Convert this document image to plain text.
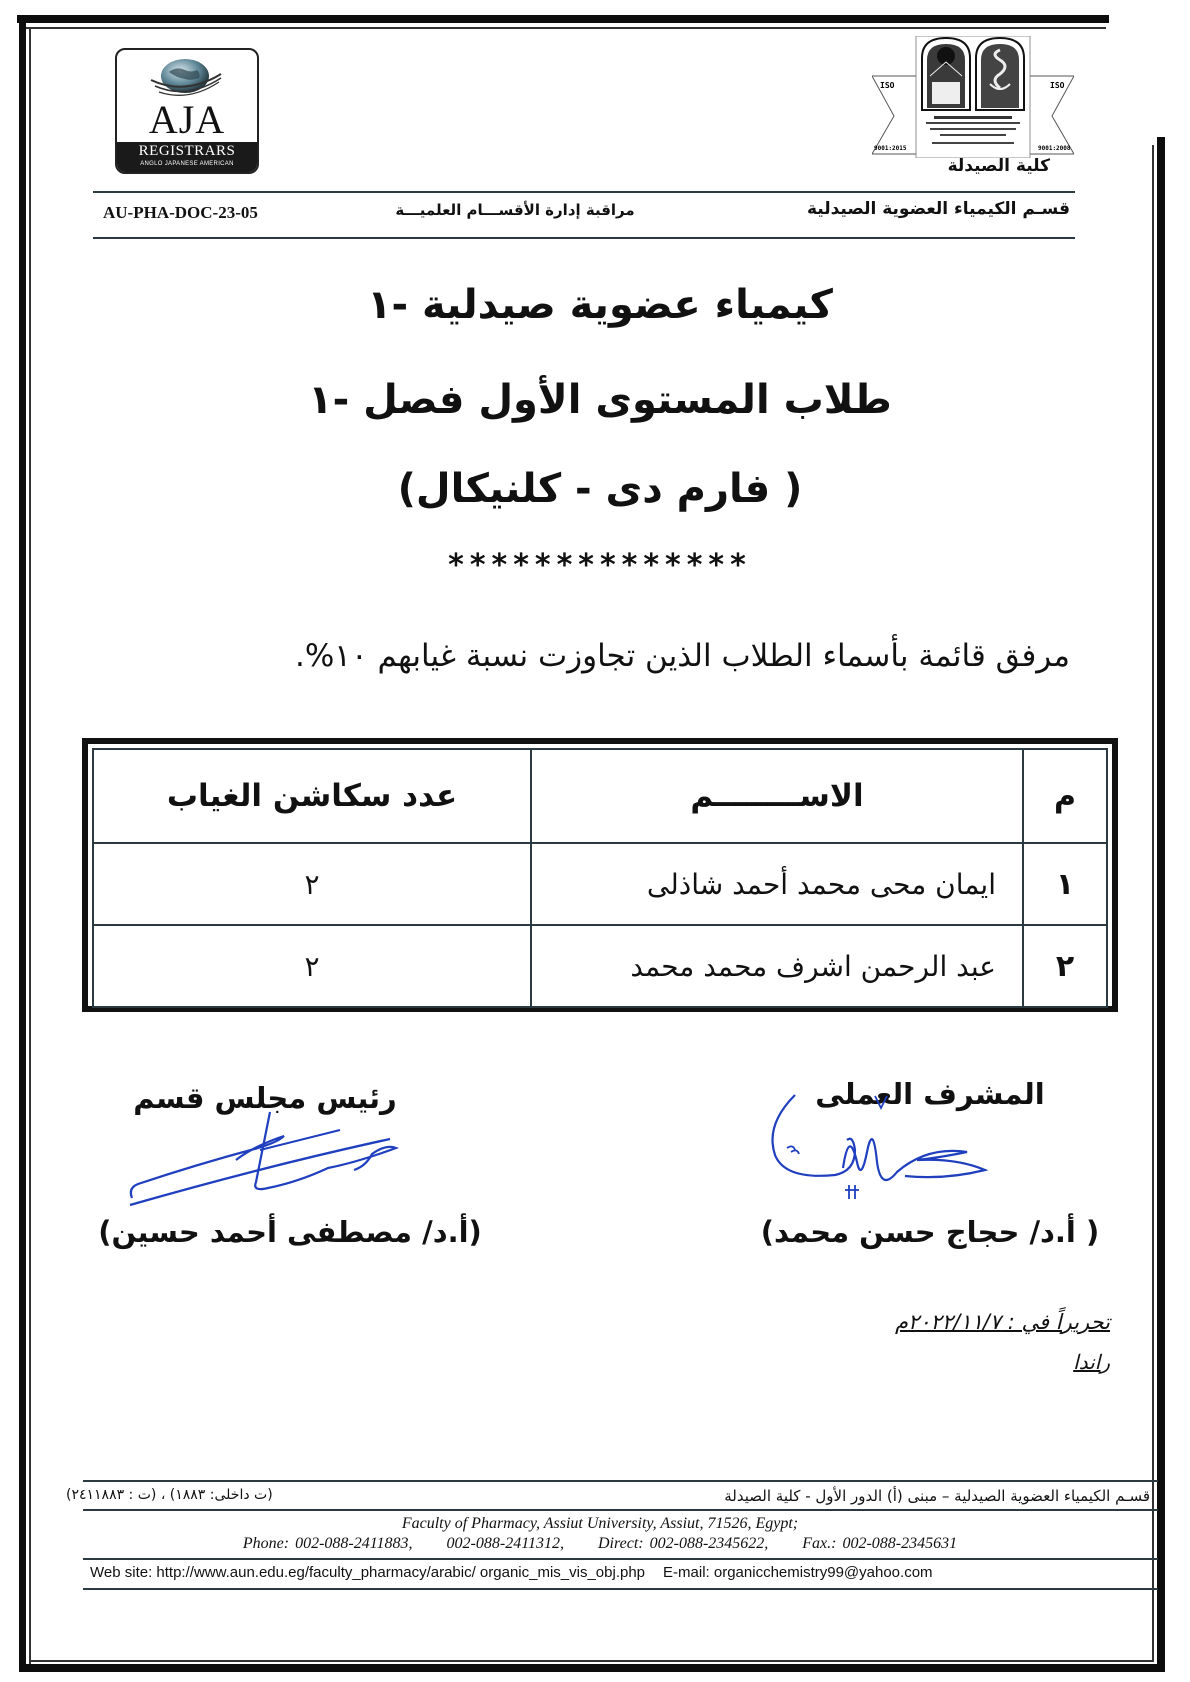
AJA
REGISTRARS
ANGLO JAPANESE AMERICAN
ISO	ISO
9001:2015	9001:2008
كلية الصيدلة
AU-PHA-DOC-23-05	مراقبة إدارة الأقســـام العلميـــة	قسـم الكيمياء العضوية الصيدلية
كيمياء عضوية صيدلية -١
طلاب المستوى الأول فصل -١
( فارم دى - كلنيكال)
**************
مرفق قائمة بأسماء الطلاب الذين تجاوزت نسبة غيابهم ١٠%.
م	الاســــــــم	عدد سكاشن الغياب
١	ايمان محى محمد أحمد شاذلى	٢
٢	عبد الرحمن اشرف محمد محمد	٢
المشرف العملى
رئيس مجلس قسم
( أ.د/ حجاج حسن محمد)
(أ.د/ مصطفى أحمد حسين)
تحريراً في : ٢٠٢٢/١١/٧م
راندا
قسـم الكيمياء العضوية الصيدلية – مبنى (أ) الدور الأول - كلية الصيدلة
(ت داخلى: ١٨٨٣) ، (ت : ٢٤١١٨٨٣)
Faculty of Pharmacy, Assiut University, Assiut, 71526, Egypt;
Phone: 002-088-2411883, 002-088-2411312, Direct: 002-088-2345622, Fax.: 002-088-2345631
Web site: http://www.aun.edu.eg/faculty_pharmacy/arabic/ organic_mis_vis_obj.php E-mail: organicchemistry99@yahoo.com
